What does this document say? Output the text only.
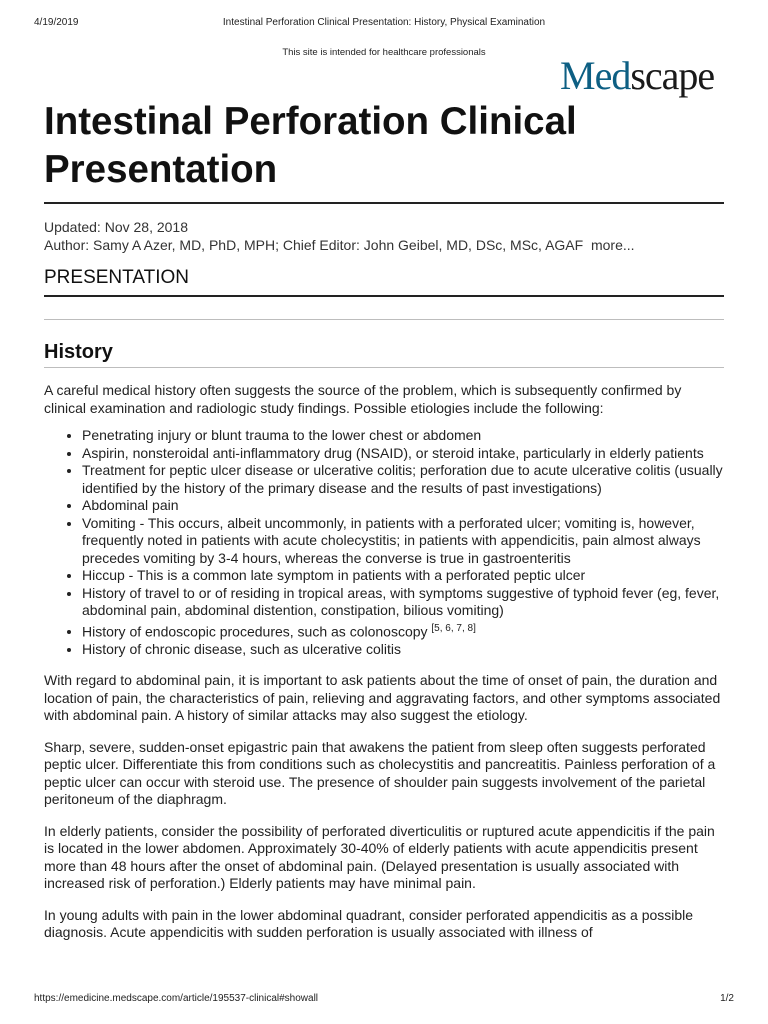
4/19/2019	Intestinal Perforation Clinical Presentation: History, Physical Examination
This site is intended for healthcare professionals
Medscape
Intestinal Perforation Clinical Presentation
Updated: Nov 28, 2018
Author: Samy A Azer, MD, PhD, MPH; Chief Editor: John Geibel, MD, DSc, MSc, AGAF more...
PRESENTATION
History

A careful medical history often suggests the source of the problem, which is subsequently confirmed by clinical examination and radiologic study findings. Possible etiologies include the following:

• Penetrating injury or blunt trauma to the lower chest or abdomen
• Aspirin, nonsteroidal anti-inflammatory drug (NSAID), or steroid intake, particularly in elderly patients
• Treatment for peptic ulcer disease or ulcerative colitis; perforation due to acute ulcerative colitis (usually identified by the history of the primary disease and the results of past investigations)
• Abdominal pain
• Vomiting - This occurs, albeit uncommonly, in patients with a perforated ulcer; vomiting is, however, frequently noted in patients with acute cholecystitis; in patients with appendicitis, pain almost always precedes vomiting by 3-4 hours, whereas the converse is true in gastroenteritis
• Hiccup - This is a common late symptom in patients with a perforated peptic ulcer
• History of travel to or of residing in tropical areas, with symptoms suggestive of typhoid fever (eg, fever, abdominal pain, abdominal distention, constipation, bilious vomiting)
• History of endoscopic procedures, such as colonoscopy [5, 6, 7, 8]
• History of chronic disease, such as ulcerative colitis

With regard to abdominal pain, it is important to ask patients about the time of onset of pain, the duration and location of pain, the characteristics of pain, relieving and aggravating factors, and other symptoms associated with abdominal pain. A history of similar attacks may also suggest the etiology.

Sharp, severe, sudden-onset epigastric pain that awakens the patient from sleep often suggests perforated peptic ulcer. Differentiate this from conditions such as cholecystitis and pancreatitis. Painless perforation of a peptic ulcer can occur with steroid use. The presence of shoulder pain suggests involvement of the parietal peritoneum of the diaphragm.

In elderly patients, consider the possibility of perforated diverticulitis or ruptured acute appendicitis if the pain is located in the lower abdomen. Approximately 30-40% of elderly patients with acute appendicitis present more than 48 hours after the onset of abdominal pain. (Delayed presentation is usually associated with increased risk of perforation.) Elderly patients may have minimal pain.

In young adults with pain in the lower abdominal quadrant, consider perforated appendicitis as a possible diagnosis. Acute appendicitis with sudden perforation is usually associated with illness of

https://emedicine.medscape.com/article/195537-clinical#showall	1/2
